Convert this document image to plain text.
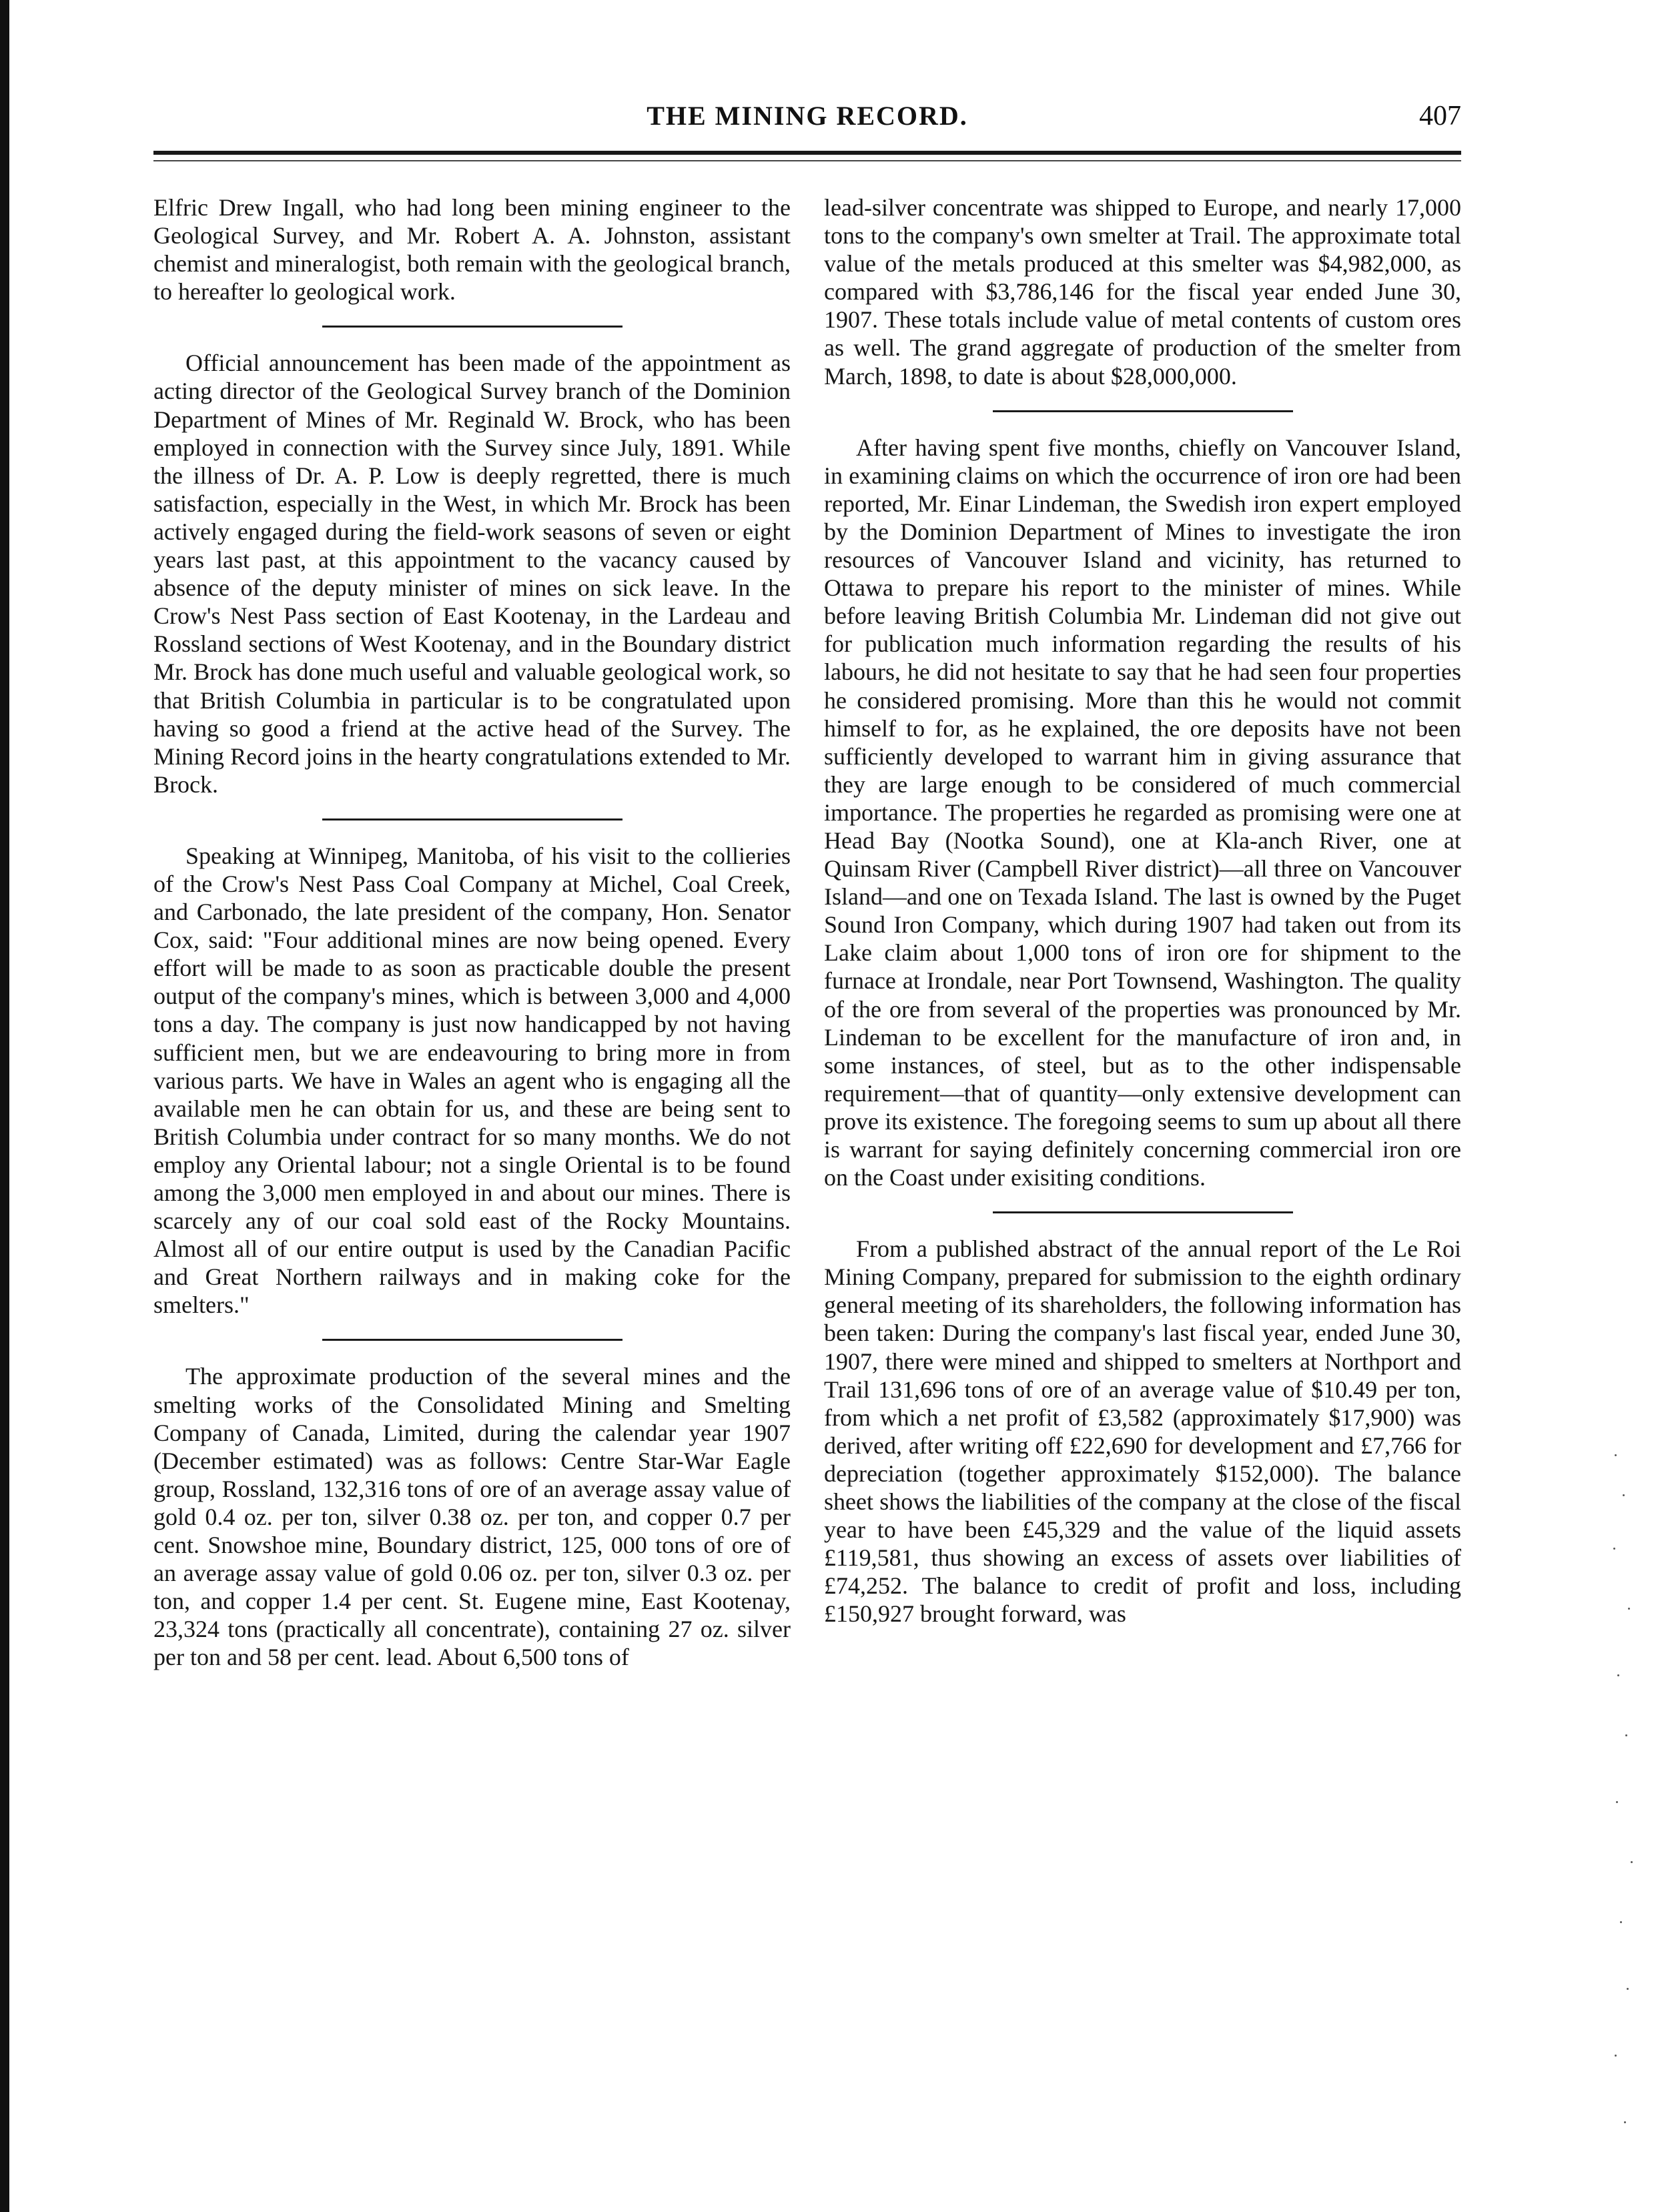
THE MINING RECORD.	407

Elfric Drew Ingall, who had long been mining engineer to the Geological Survey, and Mr. Robert A. A. Johnston, assistant chemist and mineralogist, both remain with the geological branch, to hereafter lo geological work.

Official announcement has been made of the appointment as acting director of the Geological Survey branch of the Dominion Department of Mines of Mr. Reginald W. Brock, who has been employed in connection with the Survey since July, 1891. While the illness of Dr. A. P. Low is deeply regretted, there is much satisfaction, especially in the West, in which Mr. Brock has been actively engaged during the field-work seasons of seven or eight years last past, at this appointment to the vacancy caused by absence of the deputy minister of mines on sick leave. In the Crow's Nest Pass section of East Kootenay, in the Lardeau and Rossland sections of West Kootenay, and in the Boundary district Mr. Brock has done much useful and valuable geological work, so that British Columbia in particular is to be congratulated upon having so good a friend at the active head of the Survey. The Mining Record joins in the hearty congratulations extended to Mr. Brock.

Speaking at Winnipeg, Manitoba, of his visit to the collieries of the Crow's Nest Pass Coal Company at Michel, Coal Creek, and Carbonado, the late president of the company, Hon. Senator Cox, said: "Four additional mines are now being opened. Every effort will be made to as soon as practicable double the present output of the company's mines, which is between 3,000 and 4,000 tons a day. The company is just now handicapped by not having sufficient men, but we are endeavouring to bring more in from various parts. We have in Wales an agent who is engaging all the available men he can obtain for us, and these are being sent to British Columbia under contract for so many months. We do not employ any Oriental labour; not a single Oriental is to be found among the 3,000 men employed in and about our mines. There is scarcely any of our coal sold east of the Rocky Mountains. Almost all of our entire output is used by the Canadian Pacific and Great Northern railways and in making coke for the smelters."

The approximate production of the several mines and the smelting works of the Consolidated Mining and Smelting Company of Canada, Limited, during the calendar year 1907 (December estimated) was as follows: Centre Star-War Eagle group, Rossland, 132,316 tons of ore of an average assay value of gold 0.4 oz. per ton, silver 0.38 oz. per ton, and copper 0.7 per cent. Snowshoe mine, Boundary district, 125, 000 tons of ore of an average assay value of gold 0.06 oz. per ton, silver 0.3 oz. per ton, and copper 1.4 per cent. St. Eugene mine, East Kootenay, 23,324 tons (practically all concentrate), containing 27 oz. silver per ton and 58 per cent. lead. About 6,500 tons of

lead-silver concentrate was shipped to Europe, and nearly 17,000 tons to the company's own smelter at Trail. The approximate total value of the metals produced at this smelter was $4,982,000, as compared with $3,786,146 for the fiscal year ended June 30, 1907. These totals include value of metal contents of custom ores as well. The grand aggregate of production of the smelter from March, 1898, to date is about $28,000,000.

After having spent five months, chiefly on Vancouver Island, in examining claims on which the occurrence of iron ore had been reported, Mr. Einar Lindeman, the Swedish iron expert employed by the Dominion Department of Mines to investigate the iron resources of Vancouver Island and vicinity, has returned to Ottawa to prepare his report to the minister of mines. While before leaving British Columbia Mr. Lindeman did not give out for publication much information regarding the results of his labours, he did not hesitate to say that he had seen four properties he considered promising. More than this he would not commit himself to for, as he explained, the ore deposits have not been sufficiently developed to warrant him in giving assurance that they are large enough to be considered of much commercial importance. The properties he regarded as promising were one at Head Bay (Nootka Sound), one at Kla-anch River, one at Quinsam River (Campbell River district)—all three on Vancouver Island—and one on Texada Island. The last is owned by the Puget Sound Iron Company, which during 1907 had taken out from its Lake claim about 1,000 tons of iron ore for shipment to the furnace at Irondale, near Port Townsend, Washington. The quality of the ore from several of the properties was pronounced by Mr. Lindeman to be excellent for the manufacture of iron and, in some instances, of steel, but as to the other indispensable requirement—that of quantity—only extensive development can prove its existence. The foregoing seems to sum up about all there is warrant for saying definitely concerning commercial iron ore on the Coast under exisiting conditions.

From a published abstract of the annual report of the Le Roi Mining Company, prepared for submission to the eighth ordinary general meeting of its shareholders, the following information has been taken: During the company's last fiscal year, ended June 30, 1907, there were mined and shipped to smelters at Northport and Trail 131,696 tons of ore of an average value of $10.49 per ton, from which a net profit of £3,582 (approximately $17,900) was derived, after writing off £22,690 for development and £7,766 for depreciation (together approximately $152,000). The balance sheet shows the liabilities of the company at the close of the fiscal year to have been £45,329 and the value of the liquid assets £119,581, thus showing an excess of assets over liabilities of £74,252. The balance to credit of profit and loss, including £150,927 brought forward, was
